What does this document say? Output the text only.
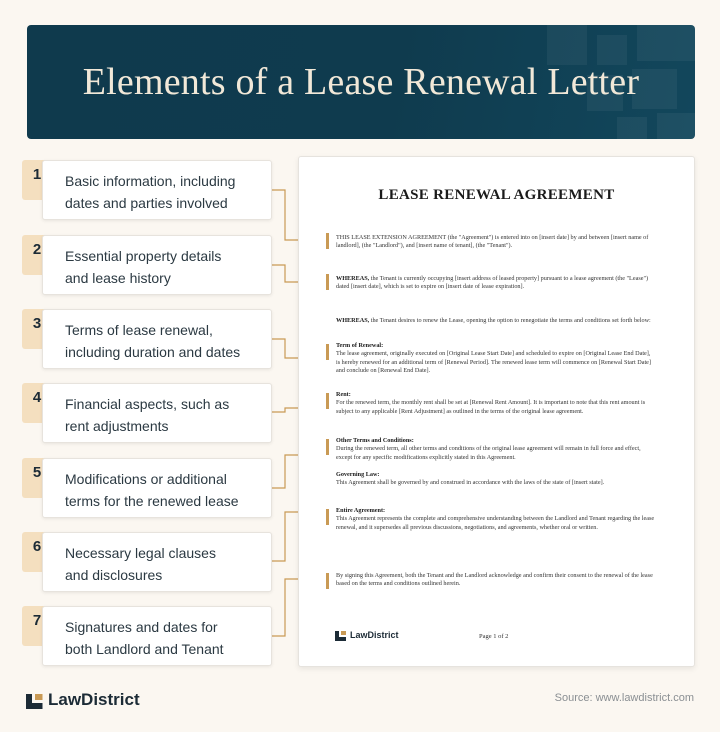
Elements of a Lease Renewal Letter
1	Basic information, including
dates and parties involved
2	Essential property details
and lease history
3	Terms of lease renewal,
including duration and dates
4	Financial aspects, such as
rent adjustments
5	Modifications or additional
terms for the renewed lease
6	Necessary legal clauses
and disclosures
7	Signatures and dates for
both Landlord and Tenant
LEASE RENEWAL AGREEMENT
THIS LEASE EXTENSION AGREEMENT (the "Agreement") is entered into on [insert date] by and between [insert name of landlord], (the "Landlord"), and [insert name of tenant], (the "Tenant").
WHEREAS, the Tenant is currently occupying [insert address of leased property] pursuant to a lease agreement (the "Lease") dated [insert date], which is set to expire on [insert date of lease expiration].
WHEREAS, the Tenant desires to renew the Lease, opening the option to renegotiate the terms and conditions set forth below:
Term of Renewal:
The lease agreement, originally executed on [Original Lease Start Date] and scheduled to expire on [Original Lease End Date], is hereby renewed for an additional term of [Renewal Period]. The renewed lease term will commence on [Renewal Start Date] and conclude on [Renewal End Date].
Rent:
For the renewed term, the monthly rent shall be set at [Renewal Rent Amount]. It is important to note that this rent amount is subject to any applicable [Rent Adjustment] as outlined in the terms of the original lease agreement.
Other Terms and Conditions:
During the renewed term, all other terms and conditions of the original lease agreement will remain in full force and effect, except for any specific modifications explicitly stated in this Agreement.
Governing Law:
This Agreement shall be governed by and construed in accordance with the laws of the state of [insert state].
Entire Agreement:
This Agreement represents the complete and comprehensive understanding between the Landlord and Tenant regarding the lease renewal, and it supersedes all previous discussions, negotiations, and agreements, whether oral or written.
By signing this Agreement, both the Tenant and the Landlord acknowledge and confirm their consent to the renewal of the lease based on the terms and conditions outlined herein.
LawDistrict	Page 1 of 2
LawDistrict	Source: www.lawdistrict.com
